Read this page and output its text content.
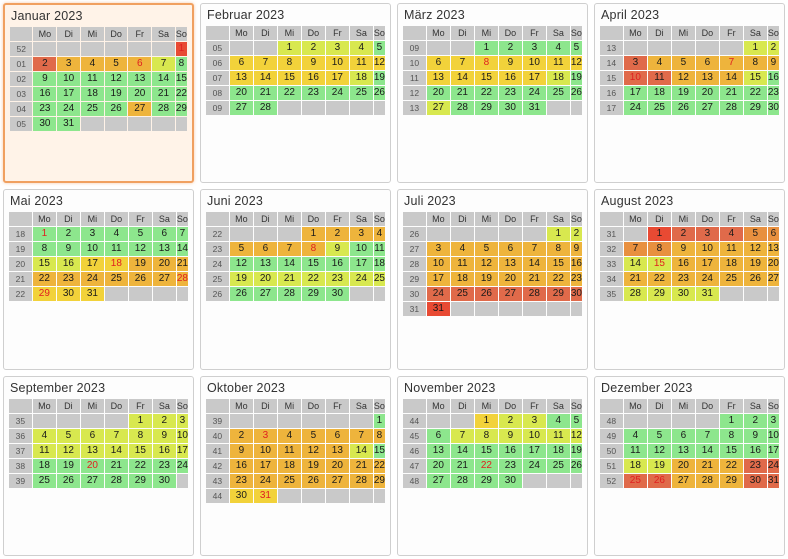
Januar 2023
	Mo	Di	Mi	Do	Fr	Sa	So
52							1
01	2	3	4	5	6	7	8
02	9	10	11	12	13	14	15
03	16	17	18	19	20	21	22
04	23	24	25	26	27	28	29
05	30	31					
Februar 2023
	Mo	Di	Mi	Do	Fr	Sa	So
05			1	2	3	4	5
06	6	7	8	9	10	11	12
07	13	14	15	16	17	18	19
08	20	21	22	23	24	25	26
09	27	28					
März 2023
	Mo	Di	Mi	Do	Fr	Sa	So
09			1	2	3	4	5
10	6	7	8	9	10	11	12
11	13	14	15	16	17	18	19
12	20	21	22	23	24	25	26
13	27	28	29	30	31		
April 2023
	Mo	Di	Mi	Do	Fr	Sa	So
13						1	2
14	3	4	5	6	7	8	9
15	10	11	12	13	14	15	16
16	17	18	19	20	21	22	23
17	24	25	26	27	28	29	30
Mai 2023
	Mo	Di	Mi	Do	Fr	Sa	So
18	1	2	3	4	5	6	7
19	8	9	10	11	12	13	14
20	15	16	17	18	19	20	21
21	22	23	24	25	26	27	28
22	29	30	31				
Juni 2023
	Mo	Di	Mi	Do	Fr	Sa	So
22				1	2	3	4
23	5	6	7	8	9	10	11
24	12	13	14	15	16	17	18
25	19	20	21	22	23	24	25
26	26	27	28	29	30		
Juli 2023
	Mo	Di	Mi	Do	Fr	Sa	So
26						1	2
27	3	4	5	6	7	8	9
28	10	11	12	13	14	15	16
29	17	18	19	20	21	22	23
30	24	25	26	27	28	29	30
31	31						
August 2023
	Mo	Di	Mi	Do	Fr	Sa	So
31		1	2	3	4	5	6
32	7	8	9	10	11	12	13
33	14	15	16	17	18	19	20
34	21	22	23	24	25	26	27
35	28	29	30	31			
September 2023
	Mo	Di	Mi	Do	Fr	Sa	So
35					1	2	3
36	4	5	6	7	8	9	10
37	11	12	13	14	15	16	17
38	18	19	20	21	22	23	24
39	25	26	27	28	29	30	
Oktober 2023
	Mo	Di	Mi	Do	Fr	Sa	So
39							1
40	2	3	4	5	6	7	8
41	9	10	11	12	13	14	15
42	16	17	18	19	20	21	22
43	23	24	25	26	27	28	29
44	30	31					
November 2023
	Mo	Di	Mi	Do	Fr	Sa	So
44			1	2	3	4	5
45	6	7	8	9	10	11	12
46	13	14	15	16	17	18	19
47	20	21	22	23	24	25	26
48	27	28	29	30			
Dezember 2023
	Mo	Di	Mi	Do	Fr	Sa	So
48					1	2	3
49	4	5	6	7	8	9	10
50	11	12	13	14	15	16	17
51	18	19	20	21	22	23	24
52	25	26	27	28	29	30	31
